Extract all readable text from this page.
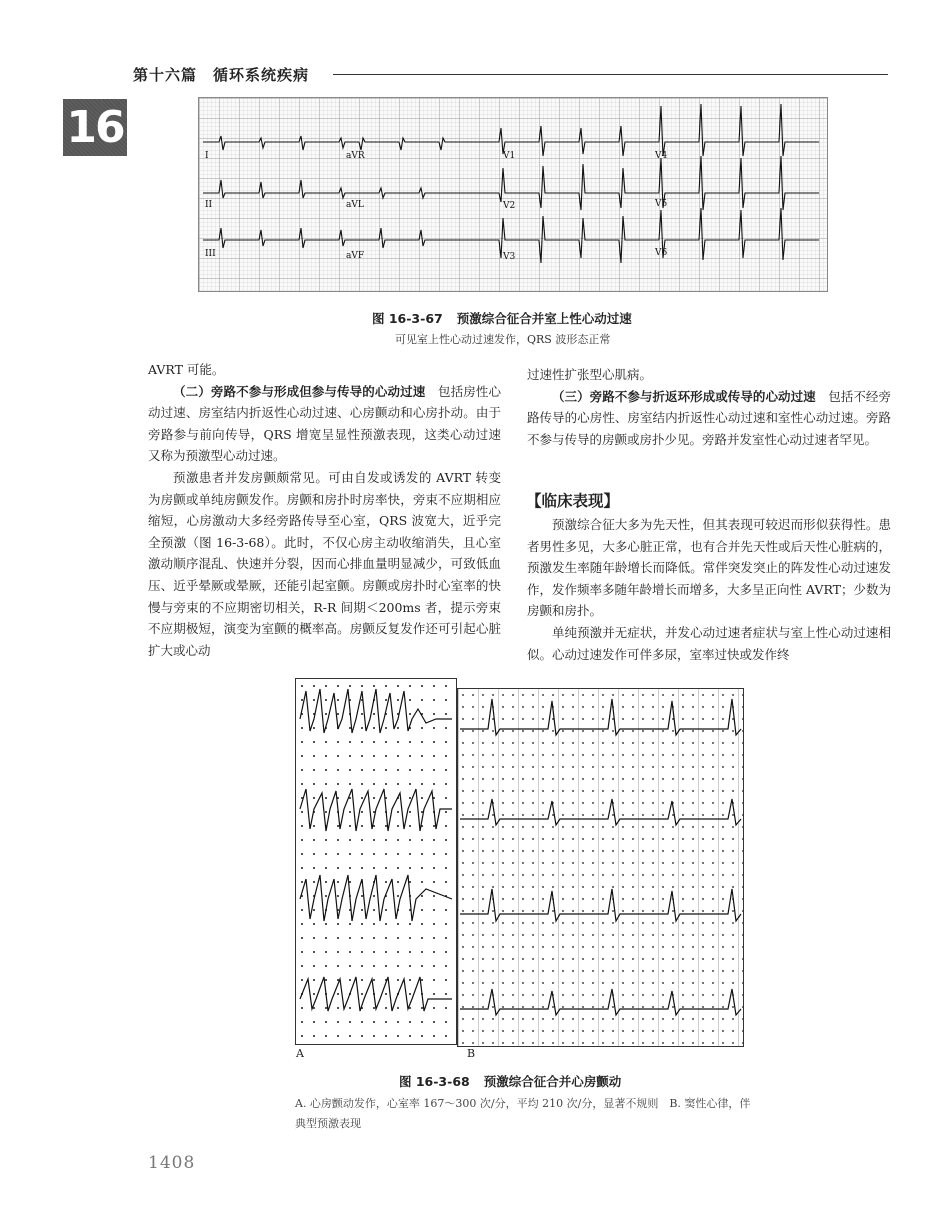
第十六篇　循环系统疾病
16
I	aVR	V1	V4
II	aVL	V2	V5
III	aVF	V3	V6
图 16-3-67 预激综合征合并室上性心动过速
可见室上性心动过速发作，QRS 波形态正常

AVRT 可能。

（二）旁路不参与形成但参与传导的心动过速　包括房性心动过速、房室结内折返性心动过速、心房颤动和心房扑动。由于旁路参与前向传导，QRS 增宽呈显性预激表现，这类心动过速又称为预激型心动过速。

预激患者并发房颤颇常见。可由自发或诱发的 AVRT 转变为房颤或单纯房颤发作。房颤和房扑时房率快，旁束不应期相应缩短，心房激动大多经旁路传导至心室，QRS 波宽大，近乎完全预激（图 16-3-68）。此时，不仅心房主动收缩消失，且心室激动顺序混乱、快速并分裂，因而心排血量明显减少，可致低血压、近乎晕厥或晕厥，还能引起室颤。房颤或房扑时心室率的快慢与旁束的不应期密切相关，R-R 间期＜200ms 者，提示旁束不应期极短，演变为室颤的概率高。房颤反复发作还可引起心脏扩大或心动

过速性扩张型心肌病。

（三）旁路不参与折返环形成或传导的心动过速　包括不经旁路传导的心房性、房室结内折返性心动过速和室性心动过速。旁路不参与传导的房颤或房扑少见。旁路并发室性心动过速者罕见。

【临床表现】

预激综合征大多为先天性，但其表现可较迟而形似获得性。患者男性多见，大多心脏正常，也有合并先天性或后天性心脏病的，预激发生率随年龄增长而降低。常伴突发突止的阵发性心动过速发作，发作频率多随年龄增长而增多，大多呈正向性 AVRT；少数为房颤和房扑。

单纯预激并无症状，并发心动过速者症状与室上性心动过速相似。心动过速发作可伴多尿，室率过快或发作终

A	B
图 16-3-68 预激综合征合并心房颤动
A. 心房颤动发作，心室率 167～300 次/分，平均 210 次/分，显著不规则　B. 窦性心律，伴典型预激表现
1408
